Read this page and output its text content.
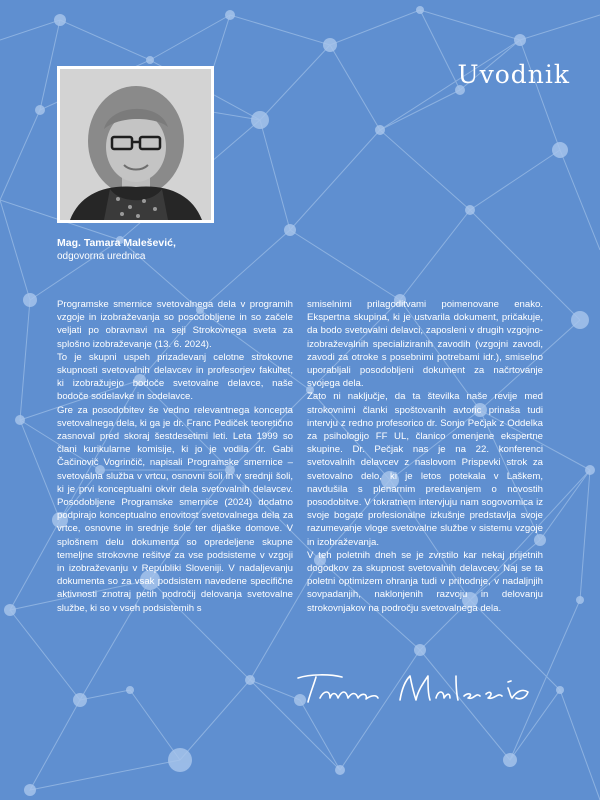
Uvodnik
Mag. Tamara Malešević,
odgovorna urednica

Programske smernice svetovalnega dela v programih vzgoje in izobraževanja so posodobljene in so začele veljati po obravnavi na seji Strokovnega sveta za splošno izobraževanje (13. 6. 2024).

To je skupni uspeh prizadevanj celotne strokovne skupnosti svetovalnih delavcev in profesorjev fakultet, ki izobražujejo bodoče svetovalne delavce, naše bodoče sodelavke in sodelavce.

Gre za posodobitev še vedno relevantnega koncepta svetovalnega dela, ki ga je dr. Franc Pediček teoretično zasnoval pred skoraj šestdesetimi leti. Leta 1999 so člani kurikularne komisije, ki jo je vodila dr. Gabi Čačinovič Vogrinčič, napisali Programske smernice – svetovalna služba v vrtcu, osnovni šoli in v srednji šoli, ki je prvi konceptualni okvir dela svetovalnih delavcev. Posodobljene Programske smernice (2024) dodatno podpirajo konceptualno enovitost svetovalnega dela za vrtce, osnovne in srednje šole ter dijaške domove. V splošnem delu dokumenta so opredeljene skupne temeljne strokovne rešitve za vse podsisteme v vzgoji in izobraževanju v Republiki Sloveniji. V nadaljevanju dokumenta so za vsak podsistem navedene specifične aktivnosti znotraj petih področij delovanja svetovalne službe, ki so v vseh podsistemih s

smiselnimi prilagoditvami poimenovane enako. Ekspertna skupina, ki je ustvarila dokument, pričakuje, da bodo svetovalni delavci, zaposleni v drugih vzgojno-izobraževalnih specializiranih zavodih (vzgojni zavodi, zavodi za otroke s posebnimi potrebami idr.), smiselno uporabljali posodobljeni dokument za načrtovanje svojega dela.

Zato ni naključje, da ta številka naše revije med strokovnimi članki spoštovanih avtoric prinaša tudi intervju z redno profesorico dr. Sonjo Pečjak z Oddelka za psihologijo FF UL, članico omenjene ekspertne skupine. Dr. Pečjak nas je na 22. konferenci svetovalnih delavcev z naslovom Prispevki strok za svetovalno delo, ki je letos potekala v Laškem, navdušila s plenarnim predavanjem o novostih posodobitve. V tokratnem intervjuju nam sogovornica iz svoje bogate profesionalne izkušnje predstavlja svoje razumevanje vloge svetovalne službe v sistemu vzgoje in izobraževanja.

V teh poletnih dneh se je zvrstilo kar nekaj prijetnih dogodkov za skupnost svetovalnih delavcev. Naj se ta poletni optimizem ohranja tudi v prihodnje, v nadaljnjih sovpadanjih, naklonjenih razvoju in delovanju strokovnjakov na področju svetovalnega dela.
